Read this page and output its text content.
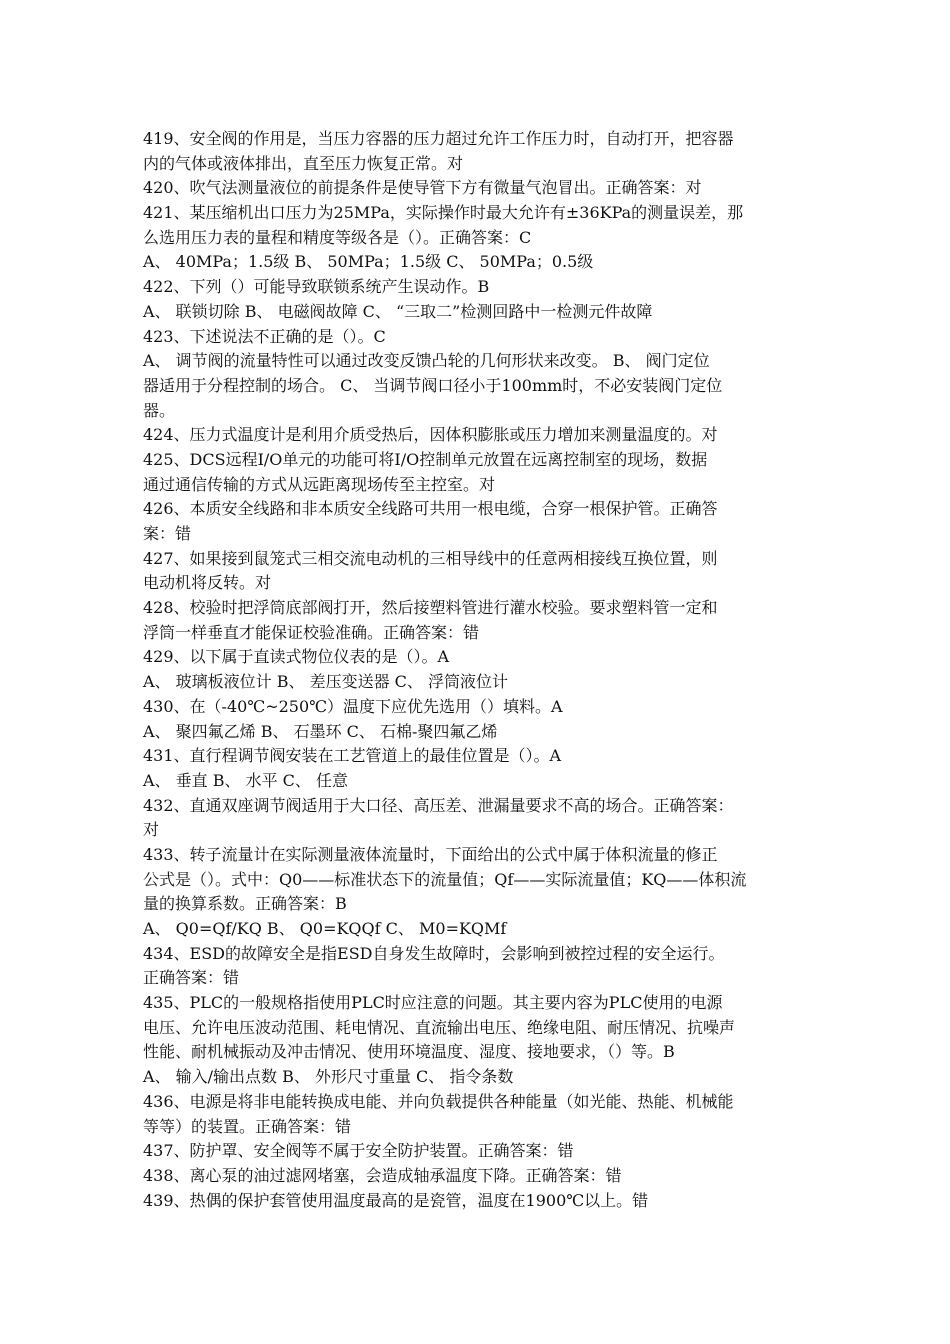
419、安全阀的作用是，当压力容器的压力超过允许工作压力时，自动打开，把容器
内的气体或液体排出，直至压力恢复正常。对
420、吹气法测量液位的前提条件是使导管下方有微量气泡冒出。正确答案：对
421、某压缩机出口压力为25MPa，实际操作时最大允许有±36KPa的测量误差，那
么选用压力表的量程和精度等级各是（）。正确答案：C
A、 40MPa；1.5级 B、 50MPa；1.5级 C、 50MPa；0.5级
422、下列（）可能导致联锁系统产生误动作。B
A、 联锁切除 B、 电磁阀故障 C、 “三取二”检测回路中一检测元件故障
423、下述说法不正确的是（）。C
A、 调节阀的流量特性可以通过改变反馈凸轮的几何形状来改变。 B、 阀门定位
器适用于分程控制的场合。 C、 当调节阀口径小于100mm时，不必安装阀门定位
器。
424、压力式温度计是利用介质受热后，因体积膨胀或压力增加来测量温度的。对
425、DCS远程I/O单元的功能可将I/O控制单元放置在远离控制室的现场，数据
通过通信传输的方式从远距离现场传至主控室。对
426、本质安全线路和非本质安全线路可共用一根电缆，合穿一根保护管。正确答
案：错
427、如果接到鼠笼式三相交流电动机的三相导线中的任意两相接线互换位置，则
电动机将反转。对
428、校验时把浮筒底部阀打开，然后接塑料管进行灌水校验。要求塑料管一定和
浮筒一样垂直才能保证校验准确。正确答案：错
429、以下属于直读式物位仪表的是（）。A
A、 玻璃板液位计 B、 差压变送器 C、 浮筒液位计
430、在（-40℃~250℃）温度下应优先选用（）填料。A
A、 聚四氟乙烯 B、 石墨环 C、 石棉-聚四氟乙烯
431、直行程调节阀安装在工艺管道上的最佳位置是（）。A
A、 垂直 B、 水平 C、 任意
432、直通双座调节阀适用于大口径、高压差、泄漏量要求不高的场合。正确答案：
对
433、转子流量计在实际测量液体流量时，下面给出的公式中属于体积流量的修正
公式是（）。式中：Q0——标准状态下的流量值；Qf——实际流量值；KQ——体积流
量的换算系数。正确答案：B
A、 Q0=Qf/KQ B、 Q0=KQQf C、 M0=KQMf
434、ESD的故障安全是指ESD自身发生故障时，会影响到被控过程的安全运行。
正确答案：错
435、PLC的一般规格指使用PLC时应注意的问题。其主要内容为PLC使用的电源
电压、允许电压波动范围、耗电情况、直流输出电压、绝缘电阻、耐压情况、抗噪声
性能、耐机械振动及冲击情况、使用环境温度、湿度、接地要求，（）等。B
A、 输入/输出点数 B、 外形尺寸重量 C、 指令条数
436、电源是将非电能转换成电能、并向负载提供各种能量（如光能、热能、机械能
等等）的装置。正确答案：错
437、防护罩、安全阀等不属于安全防护装置。正确答案：错
438、离心泵的油过滤网堵塞，会造成轴承温度下降。正确答案：错
439、热偶的保护套管使用温度最高的是瓷管，温度在1900℃以上。错
